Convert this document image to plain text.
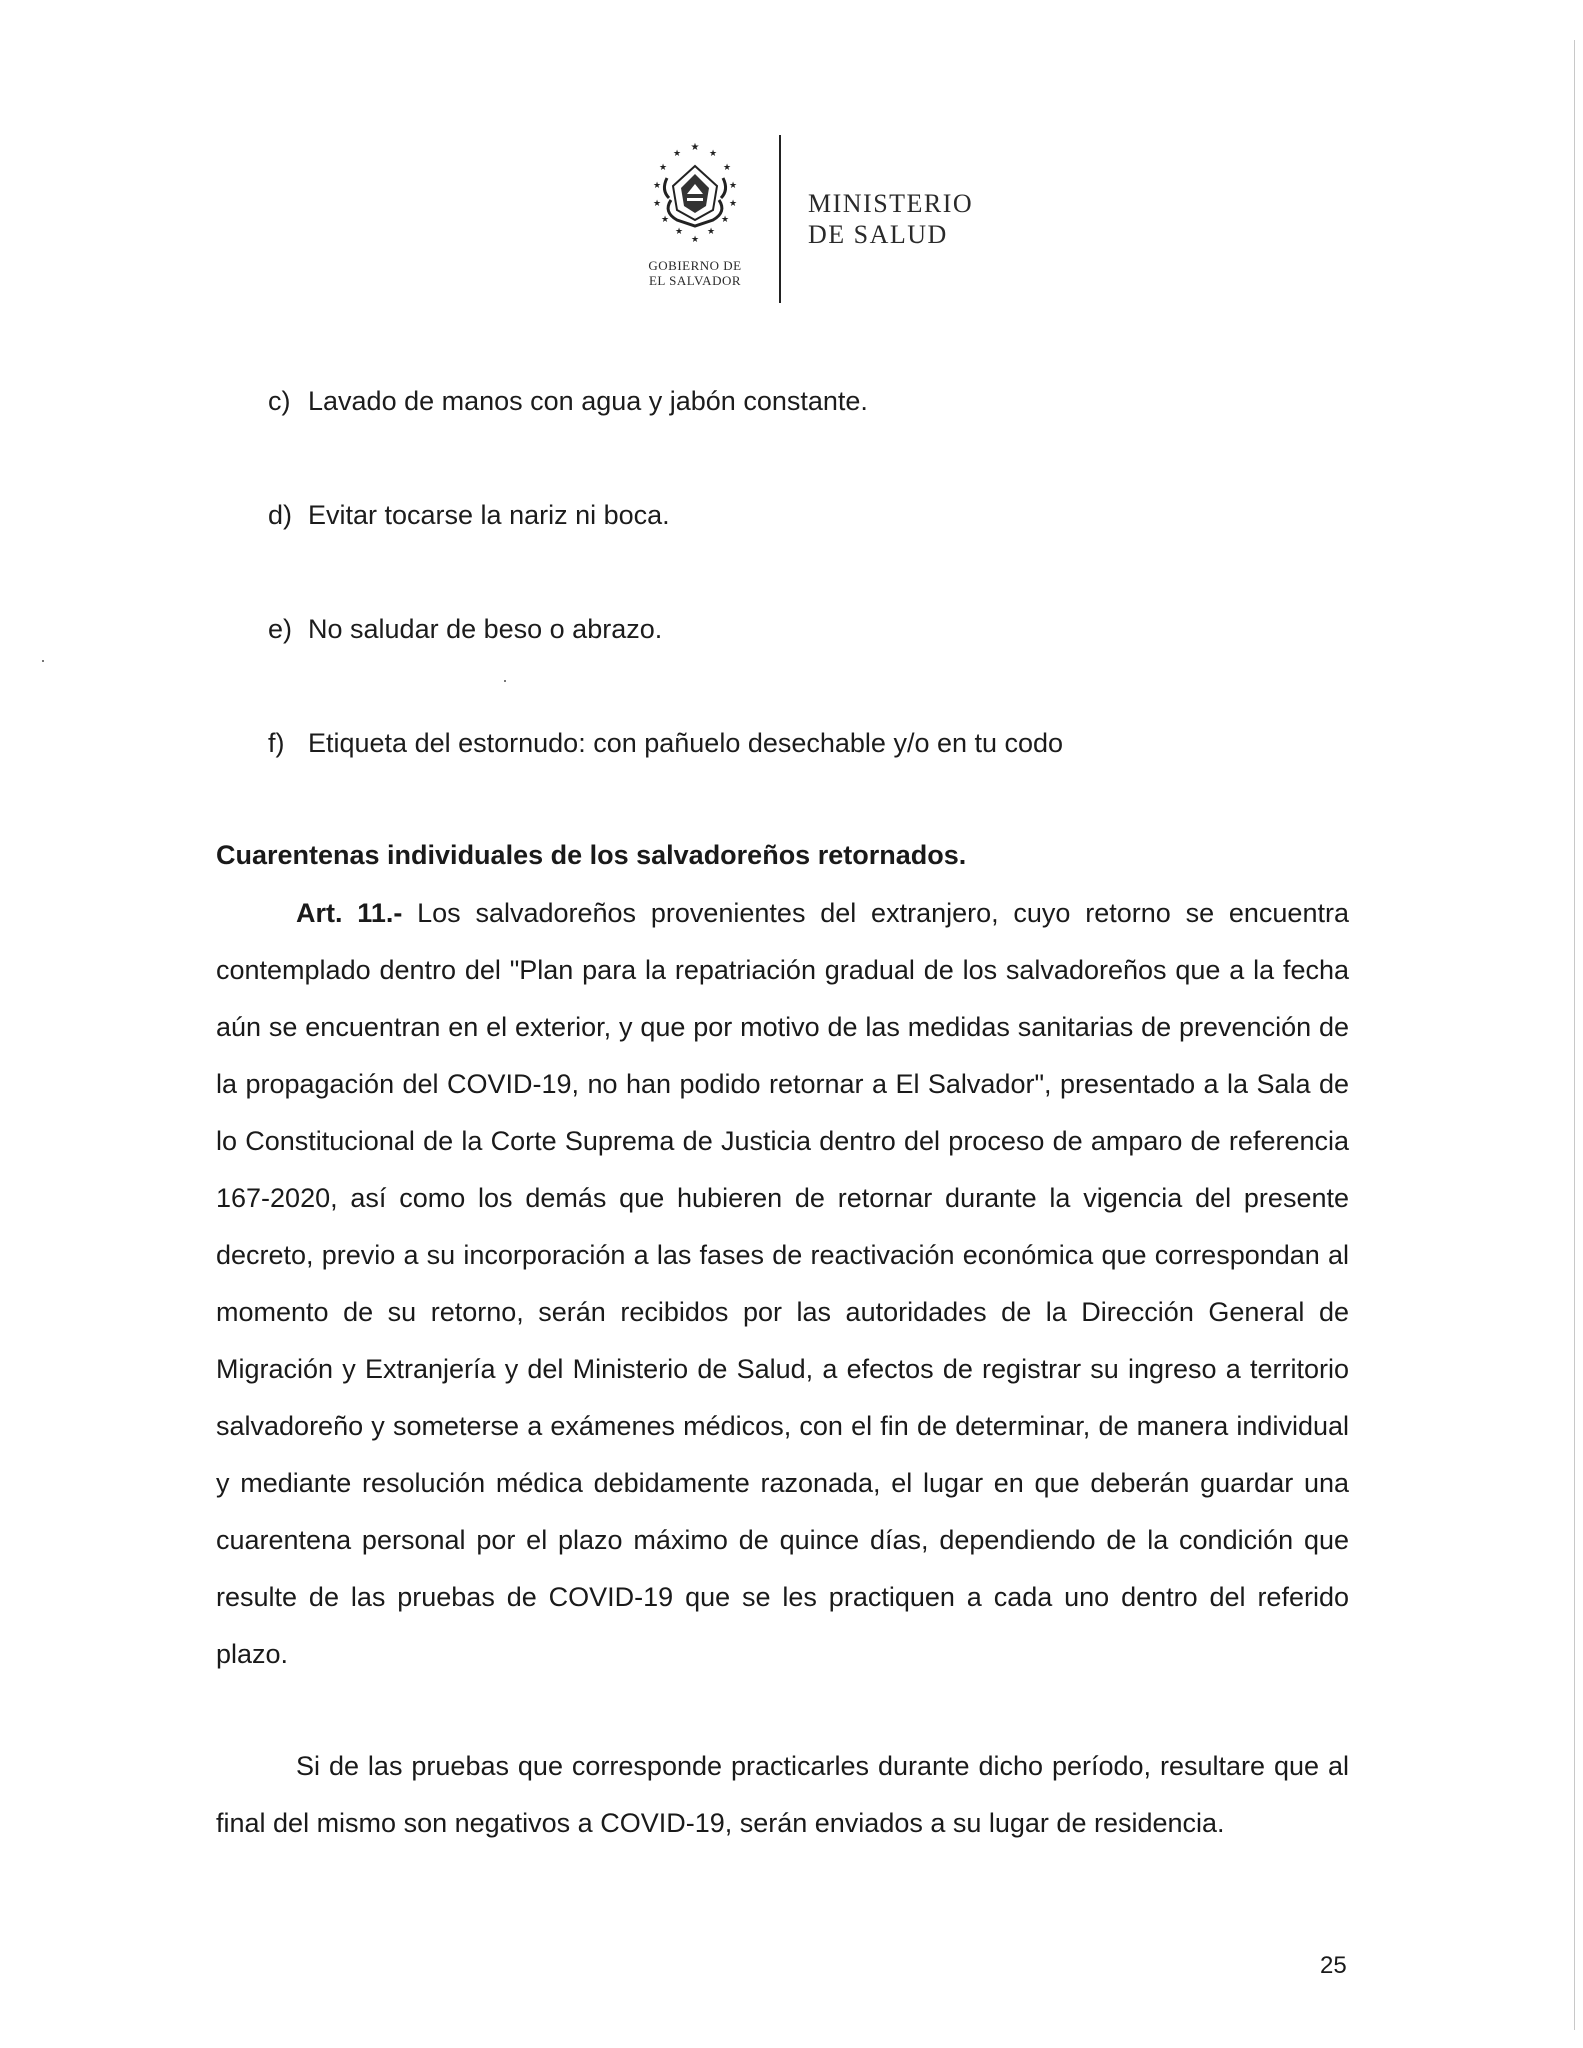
★
★	★
★	★
★	★
★	★
★	★
★	★
★
GOBIERNO DE
EL SALVADOR
MINISTERIO
DE SALUD
c) Lavado de manos con agua y jabón constante.
d) Evitar tocarse la nariz ni boca.
e) No saludar de beso o abrazo.
f) Etiqueta del estornudo: con pañuelo desechable y/o en tu codo
Cuarentenas individuales de los salvadoreños retornados.
Art. 11.- Los salvadoreños provenientes del extranjero, cuyo retorno se encuentra contemplado dentro del "Plan para la repatriación gradual de los salvadoreños que a la fecha aún se encuentran en el exterior, y que por motivo de las medidas sanitarias de prevención de la propagación del COVID-19, no han podido retornar a El Salvador", presentado a la Sala de lo Constitucional de la Corte Suprema de Justicia dentro del proceso de amparo de referencia 167-2020, así como los demás que hubieren de retornar durante la vigencia del presente decreto, previo a su incorporación a las fases de reactivación económica que correspondan al momento de su retorno, serán recibidos por las autoridades de la Dirección General de Migración y Extranjería y del Ministerio de Salud, a efectos de registrar su ingreso a territorio salvadoreño y someterse a exámenes médicos, con el fin de determinar, de manera individual y mediante resolución médica debidamente razonada, el lugar en que deberán guardar una cuarentena personal por el plazo máximo de quince días, dependiendo de la condición que resulte de las pruebas de COVID-19 que se les practiquen a cada uno dentro del referido plazo.
Si de las pruebas que corresponde practicarles durante dicho período, resultare que al final del mismo son negativos a COVID-19, serán enviados a su lugar de residencia.
25
